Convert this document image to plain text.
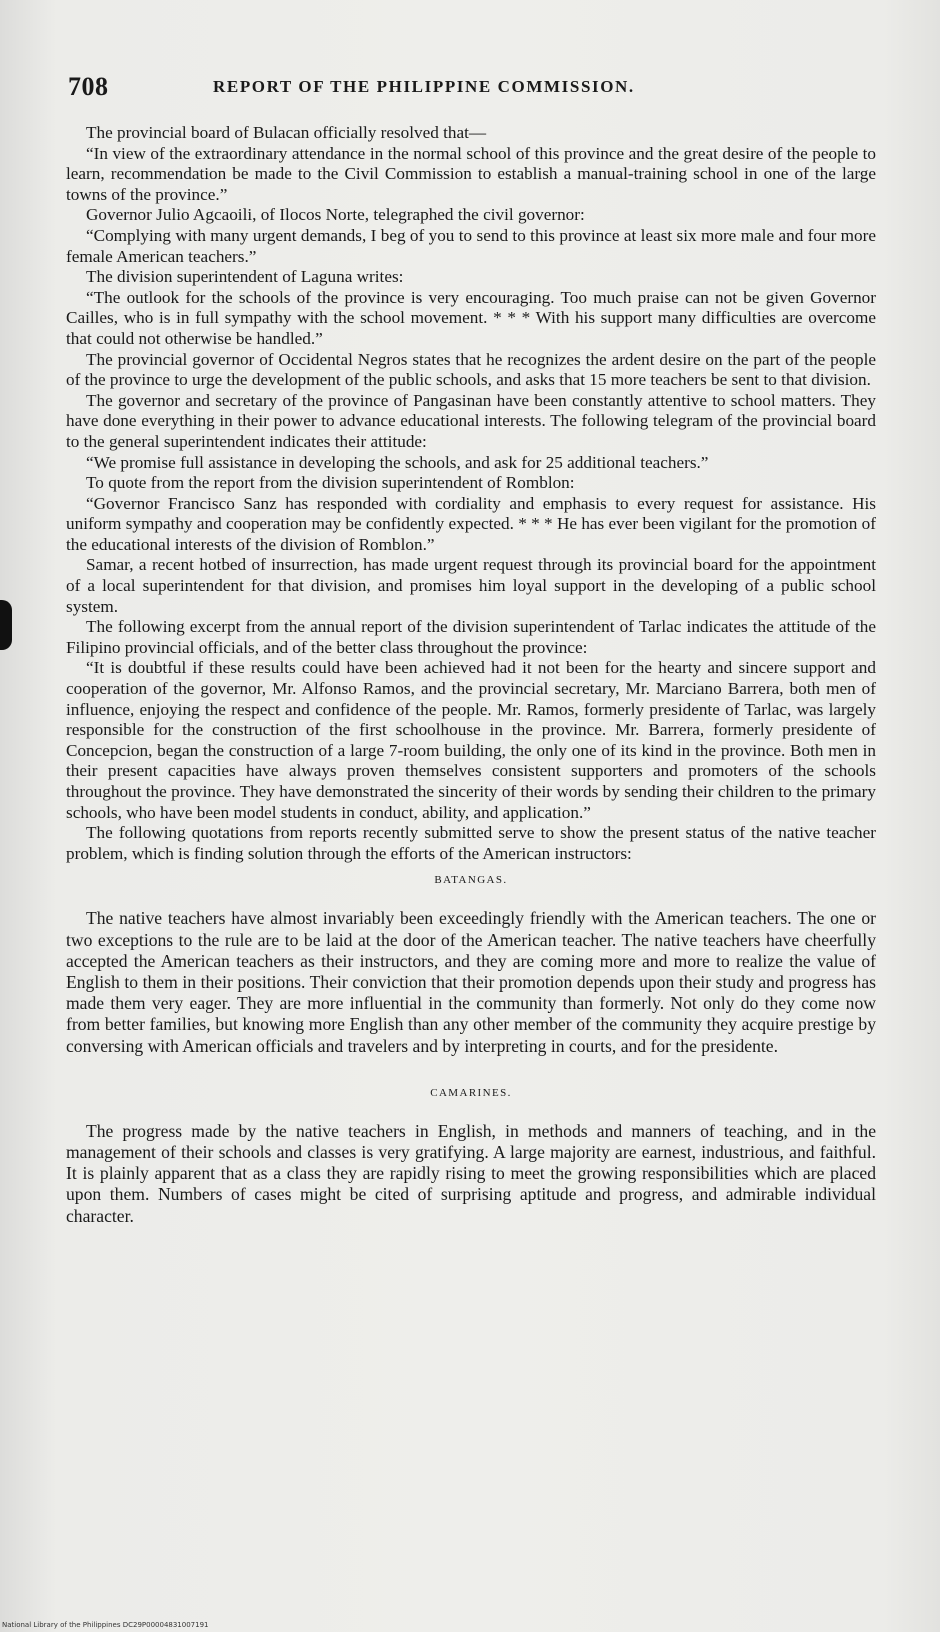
708	REPORT OF THE PHILIPPINE COMMISSION.

The provincial board of Bulacan officially resolved that—

“In view of the extraordinary attendance in the normal school of this province and the great desire of the people to learn, recommendation be made to the Civil Commission to establish a manual-training school in one of the large towns of the province.”

Governor Julio Agcaoili, of Ilocos Norte, telegraphed the civil governor:

“Complying with many urgent demands, I beg of you to send to this province at least six more male and four more female American teachers.”

The division superintendent of Laguna writes:

“The outlook for the schools of the province is very encouraging. Too much praise can not be given Governor Cailles, who is in full sympathy with the school movement. * * * With his support many difficulties are overcome that could not otherwise be handled.”

The provincial governor of Occidental Negros states that he recognizes the ardent desire on the part of the people of the province to urge the development of the public schools, and asks that 15 more teachers be sent to that division.

The governor and secretary of the province of Pangasinan have been constantly attentive to school matters. They have done everything in their power to advance educational interests. The following telegram of the provincial board to the general superintendent indicates their attitude:

“We promise full assistance in developing the schools, and ask for 25 additional teachers.”

To quote from the report from the division superintendent of Romblon:

“Governor Francisco Sanz has responded with cordiality and emphasis to every request for assistance. His uniform sympathy and cooperation may be confidently expected. * * * He has ever been vigilant for the promotion of the educational interests of the division of Romblon.”

Samar, a recent hotbed of insurrection, has made urgent request through its provincial board for the appointment of a local superintendent for that division, and promises him loyal support in the developing of a public school system.

The following excerpt from the annual report of the division superintendent of Tarlac indicates the attitude of the Filipino provincial officials, and of the better class throughout the province:

“It is doubtful if these results could have been achieved had it not been for the hearty and sincere support and cooperation of the governor, Mr. Alfonso Ramos, and the provincial secretary, Mr. Marciano Barrera, both men of influence, enjoying the respect and confidence of the people. Mr. Ramos, formerly presidente of Tarlac, was largely responsible for the construction of the first schoolhouse in the province. Mr. Barrera, formerly presidente of Concepcion, began the construction of a large 7-room building, the only one of its kind in the province. Both men in their present capacities have always proven themselves consistent supporters and promoters of the schools throughout the province. They have demonstrated the sincerity of their words by sending their children to the primary schools, who have been model students in conduct, ability, and application.”

The following quotations from reports recently submitted serve to show the present status of the native teacher problem, which is finding solution through the efforts of the American instructors:

BATANGAS.

The native teachers have almost invariably been exceedingly friendly with the American teachers. The one or two exceptions to the rule are to be laid at the door of the American teacher. The native teachers have cheerfully accepted the American teachers as their instructors, and they are coming more and more to realize the value of English to them in their positions. Their conviction that their promotion depends upon their study and progress has made them very eager. They are more influential in the community than formerly. Not only do they come now from better families, but knowing more English than any other member of the community they acquire prestige by conversing with American officials and travelers and by interpreting in courts, and for the presidente.

CAMARINES.

The progress made by the native teachers in English, in methods and manners of teaching, and in the management of their schools and classes is very gratifying. A large majority are earnest, industrious, and faithful. It is plainly apparent that as a class they are rapidly rising to meet the growing responsibilities which are placed upon them. Numbers of cases might be cited of surprising aptitude and progress, and admirable individual character.

National Library of the Philippines DC29P00004831007191
